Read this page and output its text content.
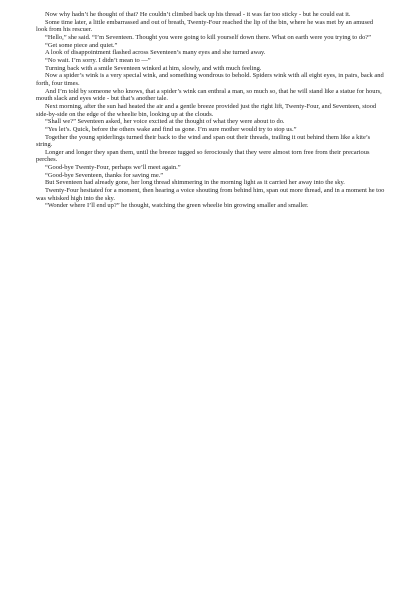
Now why hadn’t he thought of that? He couldn’t climbed back up his thread - it was far too sticky - but he could eat it.

Some time later, a little embarrassed and out of breath, Twenty-Four reached the lip of the bin, where he was met by an amused look from his rescuer.

“Hello,” she said. “I’m Seventeen. Thought you were going to kill yourself down there. What on earth were you trying to do?”

“Get some piece and quiet.”

A look of disappointment flashed across Seventeen’s many eyes and she turned away.

“No wait. I’m sorry. I didn’t mean to —”

Turning back with a smile Seventeen winked at him, slowly, and with much feeling.

Now a spider’s wink is a very special wink, and something wondrous to behold. Spiders wink with all eight eyes, in pairs, back and forth, four times.

And I’m told by someone who knows, that a spider’s wink can enthral a man, so much so, that he will stand like a statue for hours, mouth slack and eyes wide - but that’s another tale.

Next morning, after the sun had heated the air and a gentle breeze provided just the right lift, Twenty-Four, and Seventeen, stood side-by-side on the edge of the wheelie bin, looking up at the clouds.

“Shall we?” Seventeen asked, her voice excited at the thought of what they were about to do.

“Yes let’s. Quick, before the others wake and find us gone. I’m sure mother would try to stop us.”

Together the young spiderlings turned their back to the wind and span out their threads, trailing it out behind them like a kite’s string.

Longer and longer they span them, until the breeze tugged so ferociously that they were almost torn free from their precarious perches.

“Good-bye Twenty-Four, perhaps we’ll meet again.”

“Good-bye Seventeen, thanks for saving me.”

But Seventeen had already gone, her long thread shimmering in the morning light as it carried her away into the sky.

Twenty-Four hesitated for a moment, then hearing a voice shouting from behind him, span out more thread, and in a moment he too was whisked high into the sky.

“Wonder where I’ll end up?” he thought, watching the green wheelie bin growing smaller and smaller.
